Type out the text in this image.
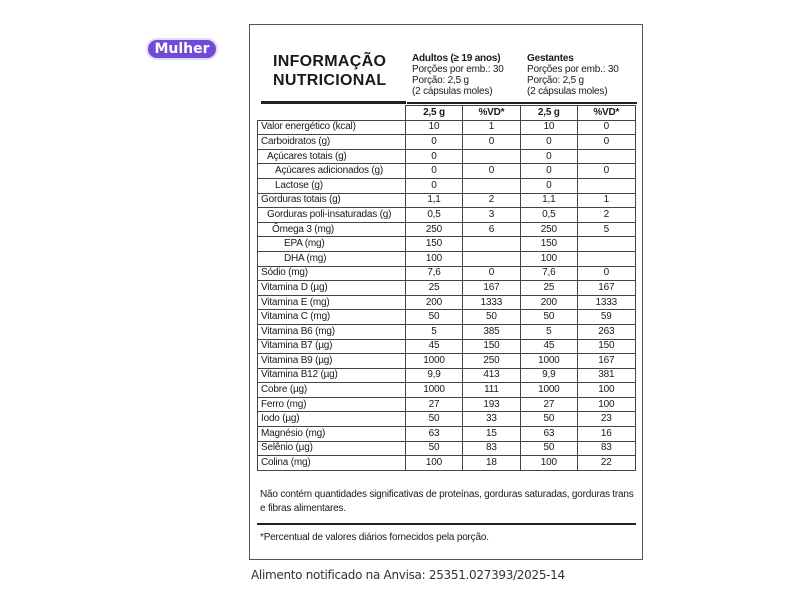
Mulher
INFORMAÇÃO
NUTRICIONAL
Adultos (≥ 19 anos)
Porções por emb.: 30
Porção: 2,5 g
(2 cápsulas moles)
Gestantes
Porções por emb.: 30
Porção: 2,5 g
(2 cápsulas moles)
	2,5 g	%VD*	2,5 g	%VD*
Valor energético (kcal)	10	1	10	0
Carboidratos (g)	0	0	0	0
Açúcares totais (g)	0		0	
Açúcares adicionados (g)	0	0	0	0
Lactose (g)	0		0	
Gorduras totais (g)	1,1	2	1,1	1
Gorduras poli-insaturadas (g)	0,5	3	0,5	2
Ômega 3 (mg)	250	6	250	5
EPA (mg)	150		150	
DHA (mg)	100		100	
Sódio (mg)	7,6	0	7,6	0
Vitamina D (µg)	25	167	25	167
Vitamina E (mg)	200	1333	200	1333
Vitamina C (mg)	50	50	50	59
Vitamina B6 (mg)	5	385	5	263
Vitamina B7 (µg)	45	150	45	150
Vitamina B9 (µg)	1000	250	1000	167
Vitamina B12 (µg)	9,9	413	9,9	381
Cobre (µg)	1000	111	1000	100
Ferro (mg)	27	193	27	100
Iodo (µg)	50	33	50	23
Magnésio (mg)	63	15	63	16
Selênio (µg)	50	83	50	83
Colina (mg)	100	18	100	22
Não contém quantidades significativas de proteínas, gorduras saturadas, gorduras trans e fibras alimentares.
*Percentual de valores diários fornecidos pela porção.
Alimento notificado na Anvisa: 25351.027393/2025-14
